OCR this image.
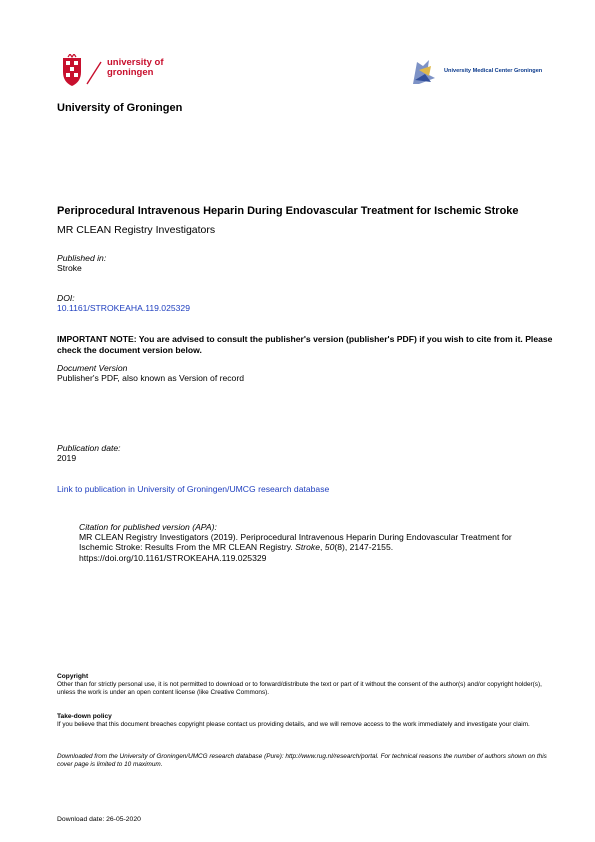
university of
groningen	University Medical Center Groningen
University of Groningen
Periprocedural Intravenous Heparin During Endovascular Treatment for Ischemic Stroke
MR CLEAN Registry Investigators
Published in:
Stroke
DOI:
10.1161/STROKEAHA.119.025329
IMPORTANT NOTE: You are advised to consult the publisher's version (publisher's PDF) if you wish to cite from it. Please check the document version below.
Document Version
Publisher's PDF, also known as Version of record
Publication date:
2019
Link to publication in University of Groningen/UMCG research database
Citation for published version (APA):
MR CLEAN Registry Investigators (2019). Periprocedural Intravenous Heparin During Endovascular Treatment for Ischemic Stroke: Results From the MR CLEAN Registry. Stroke, 50(8), 2147-2155.
https://doi.org/10.1161/STROKEAHA.119.025329
Copyright
Other than for strictly personal use, it is not permitted to download or to forward/distribute the text or part of it without the consent of the author(s) and/or copyright holder(s), unless the work is under an open content license (like Creative Commons).
Take-down policy
If you believe that this document breaches copyright please contact us providing details, and we will remove access to the work immediately and investigate your claim.
Downloaded from the University of Groningen/UMCG research database (Pure): http://www.rug.nl/research/portal. For technical reasons the number of authors shown on this cover page is limited to 10 maximum.
Download date: 26-05-2020
